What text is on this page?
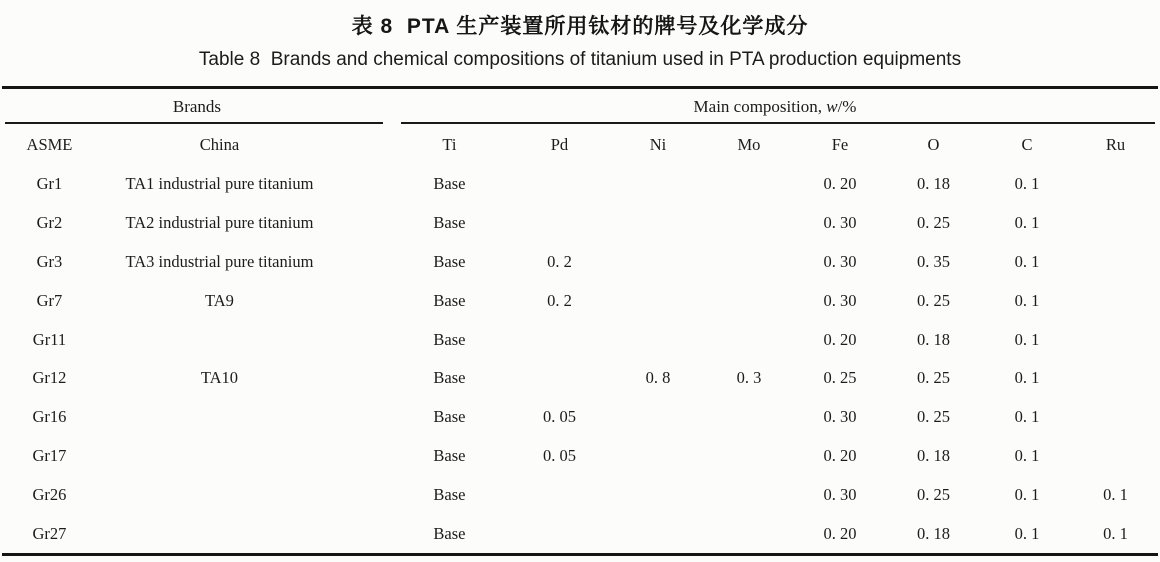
表 8  PTA 生产装置所用钛材的牌号及化学成分
Table 8  Brands and chemical compositions of titanium used in PTA production equipments
Brands		Main composition, w/%							
ASME	China	Ti	Pd	Ni	Mo	Fe	O	C	Ru
Gr1	TA1 industrial pure titanium	Base				0. 20	0. 18	0. 1	
Gr2	TA2 industrial pure titanium	Base				0. 30	0. 25	0. 1	
Gr3	TA3 industrial pure titanium	Base	0. 2			0. 30	0. 35	0. 1	
Gr7	TA9	Base	0. 2			0. 30	0. 25	0. 1	
Gr11		Base				0. 20	0. 18	0. 1	
Gr12	TA10	Base		0. 8	0. 3	0. 25	0. 25	0. 1	
Gr16		Base	0. 05			0. 30	0. 25	0. 1	
Gr17		Base	0. 05			0. 20	0. 18	0. 1	
Gr26		Base				0. 30	0. 25	0. 1	0. 1
Gr27		Base				0. 20	0. 18	0. 1	0. 1
